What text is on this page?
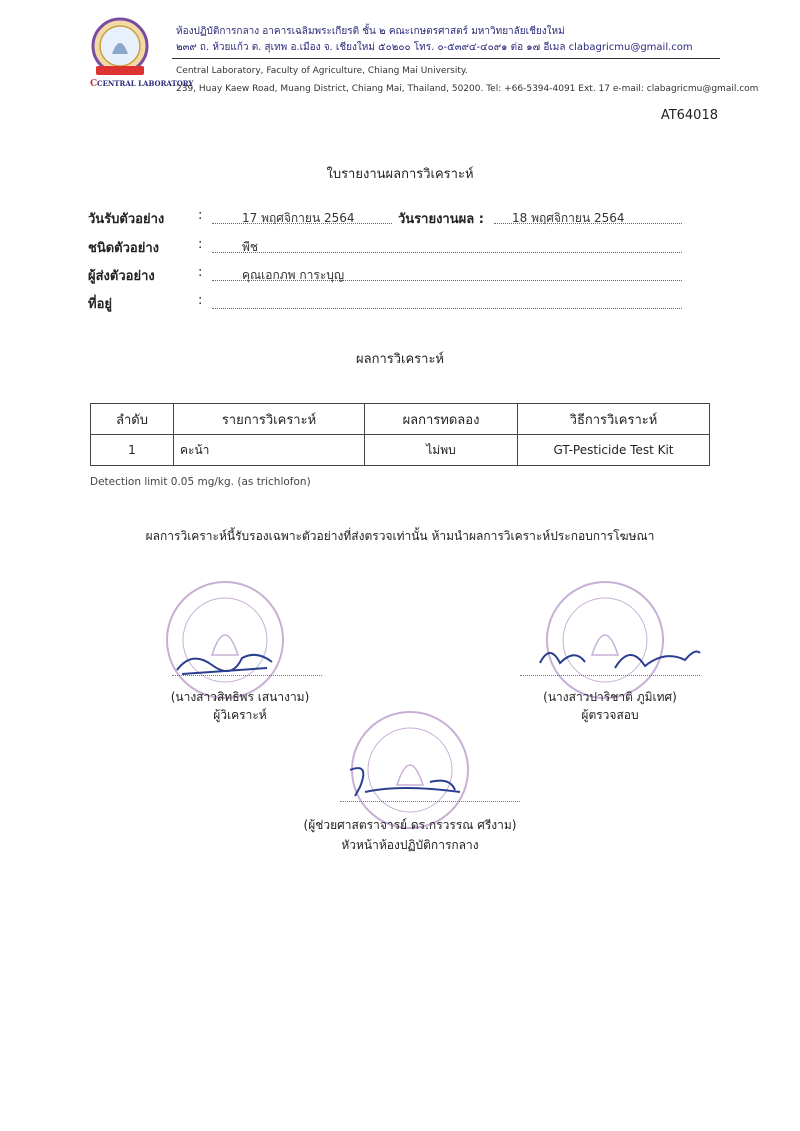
C CENTRAL LABORATORY
ห้องปฏิบัติการกลาง อาคารเฉลิมพระเกียรติ ชั้น ๒ คณะเกษตรศาสตร์ มหาวิทยาลัยเชียงใหม่
๒๓๙ ถ. ห้วยแก้ว ต. สุเทพ อ.เมือง จ. เชียงใหม่ ๕๐๒๐๐ โทร. ๐-๕๓๙๔-๔๐๙๑ ต่อ ๑๗ อีเมล clabagricmu@gmail.com
Central Laboratory, Faculty of Agriculture, Chiang Mai University.
239, Huay Kaew Road, Muang District, Chiang Mai, Thailand, 50200. Tel: +66-5394-4091 Ext. 17 e-mail: clabagricmu@gmail.com
AT64018
ใบรายงานผลการวิเคราะห์
วันรับตัวอย่าง	:	17 พฤศจิกายน 2564	วันรายงานผล :	18 พฤศจิกายน 2564
ชนิดตัวอย่าง	:	พืช
ผู้ส่งตัวอย่าง	:	คุณเอกภพ การะบุญ
ที่อยู่	:
ผลการวิเคราะห์
ลำดับ	รายการวิเคราะห์	ผลการทดลอง	วิธีการวิเคราะห์
1	คะน้า	ไม่พบ	GT-Pesticide Test Kit
Detection limit 0.05 mg/kg. (as trichlofon)
ผลการวิเคราะห์นี้รับรองเฉพาะตัวอย่างที่ส่งตรวจเท่านั้น ห้ามนำผลการวิเคราะห์ประกอบการโฆษณา
(นางสาวสิทธิพร เสนางาม)
ผู้วิเคราะห์
(นางสาวปาริชาติ ภูมิเทศ)
ผู้ตรวจสอบ
(ผู้ช่วยศาสตราจารย์ ดร.กรวรรณ ศรีงาม)
หัวหน้าห้องปฏิบัติการกลาง
